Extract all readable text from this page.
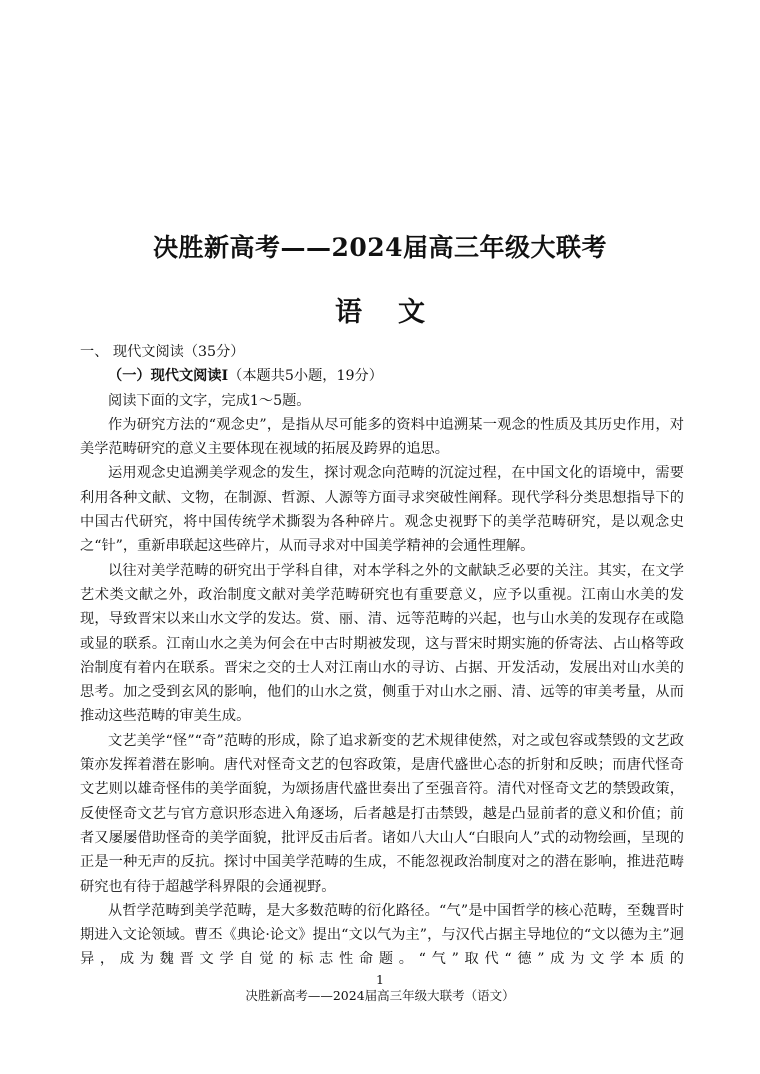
决胜新高考——2024届高三年级大联考
语文

一、 现代文阅读（35分）

（一）现代文阅读Ⅰ（本题共5小题，19分）

阅读下面的文字，完成1～5题。

作为研究方法的“观念史”，是指从尽可能多的资料中追溯某一观念的性质及其历史作用，对美学范畴研究的意义主要体现在视域的拓展及跨界的追思。

运用观念史追溯美学观念的发生，探讨观念向范畴的沉淀过程，在中国文化的语境中，需要利用各种文献、文物，在制源、哲源、人源等方面寻求突破性阐释。现代学科分类思想指导下的中国古代研究，将中国传统学术撕裂为各种碎片。观念史视野下的美学范畴研究，是以观念史之“针”，重新串联起这些碎片，从而寻求对中国美学精神的会通性理解。

以往对美学范畴的研究出于学科自律，对本学科之外的文献缺乏必要的关注。其实，在文学艺术类文献之外，政治制度文献对美学范畴研究也有重要意义，应予以重视。江南山水美的发现，导致晋宋以来山水文学的发达。赏、丽、清、远等范畴的兴起，也与山水美的发现存在或隐或显的联系。江南山水之美为何会在中古时期被发现，这与晋宋时期实施的侨寄法、占山格等政治制度有着内在联系。晋宋之交的士人对江南山水的寻访、占据、开发活动，发展出对山水美的思考。加之受到玄风的影响，他们的山水之赏，侧重于对山水之丽、清、远等的审美考量，从而推动这些范畴的审美生成。

文艺美学“怪”“奇”范畴的形成，除了追求新变的艺术规律使然，对之或包容或禁毁的文艺政策亦发挥着潜在影响。唐代对怪奇文艺的包容政策，是唐代盛世心态的折射和反映；而唐代怪奇文艺则以雄奇怪伟的美学面貌，为颂扬唐代盛世奏出了至强音符。清代对怪奇文艺的禁毁政策，反使怪奇文艺与官方意识形态进入角逐场，后者越是打击禁毁，越是凸显前者的意义和价值；前者又屡屡借助怪奇的美学面貌，批评反击后者。诸如八大山人“白眼向人”式的动物绘画，呈现的正是一种无声的反抗。探讨中国美学范畴的生成，不能忽视政治制度对之的潜在影响，推进范畴研究也有待于超越学科界限的会通视野。

从哲学范畴到美学范畴，是大多数范畴的衍化路径。“气”是中国哲学的核心范畴，至魏晋时期进入文论领域。曹丕《典论·论文》提出“文以气为主”，与汉代占据主导地位的“文以德为主”迥异，成为魏晋文学自觉的标志性命题。“气”取代“德”成为文学本质的

1
决胜新高考——2024届高三年级大联考（语文）
